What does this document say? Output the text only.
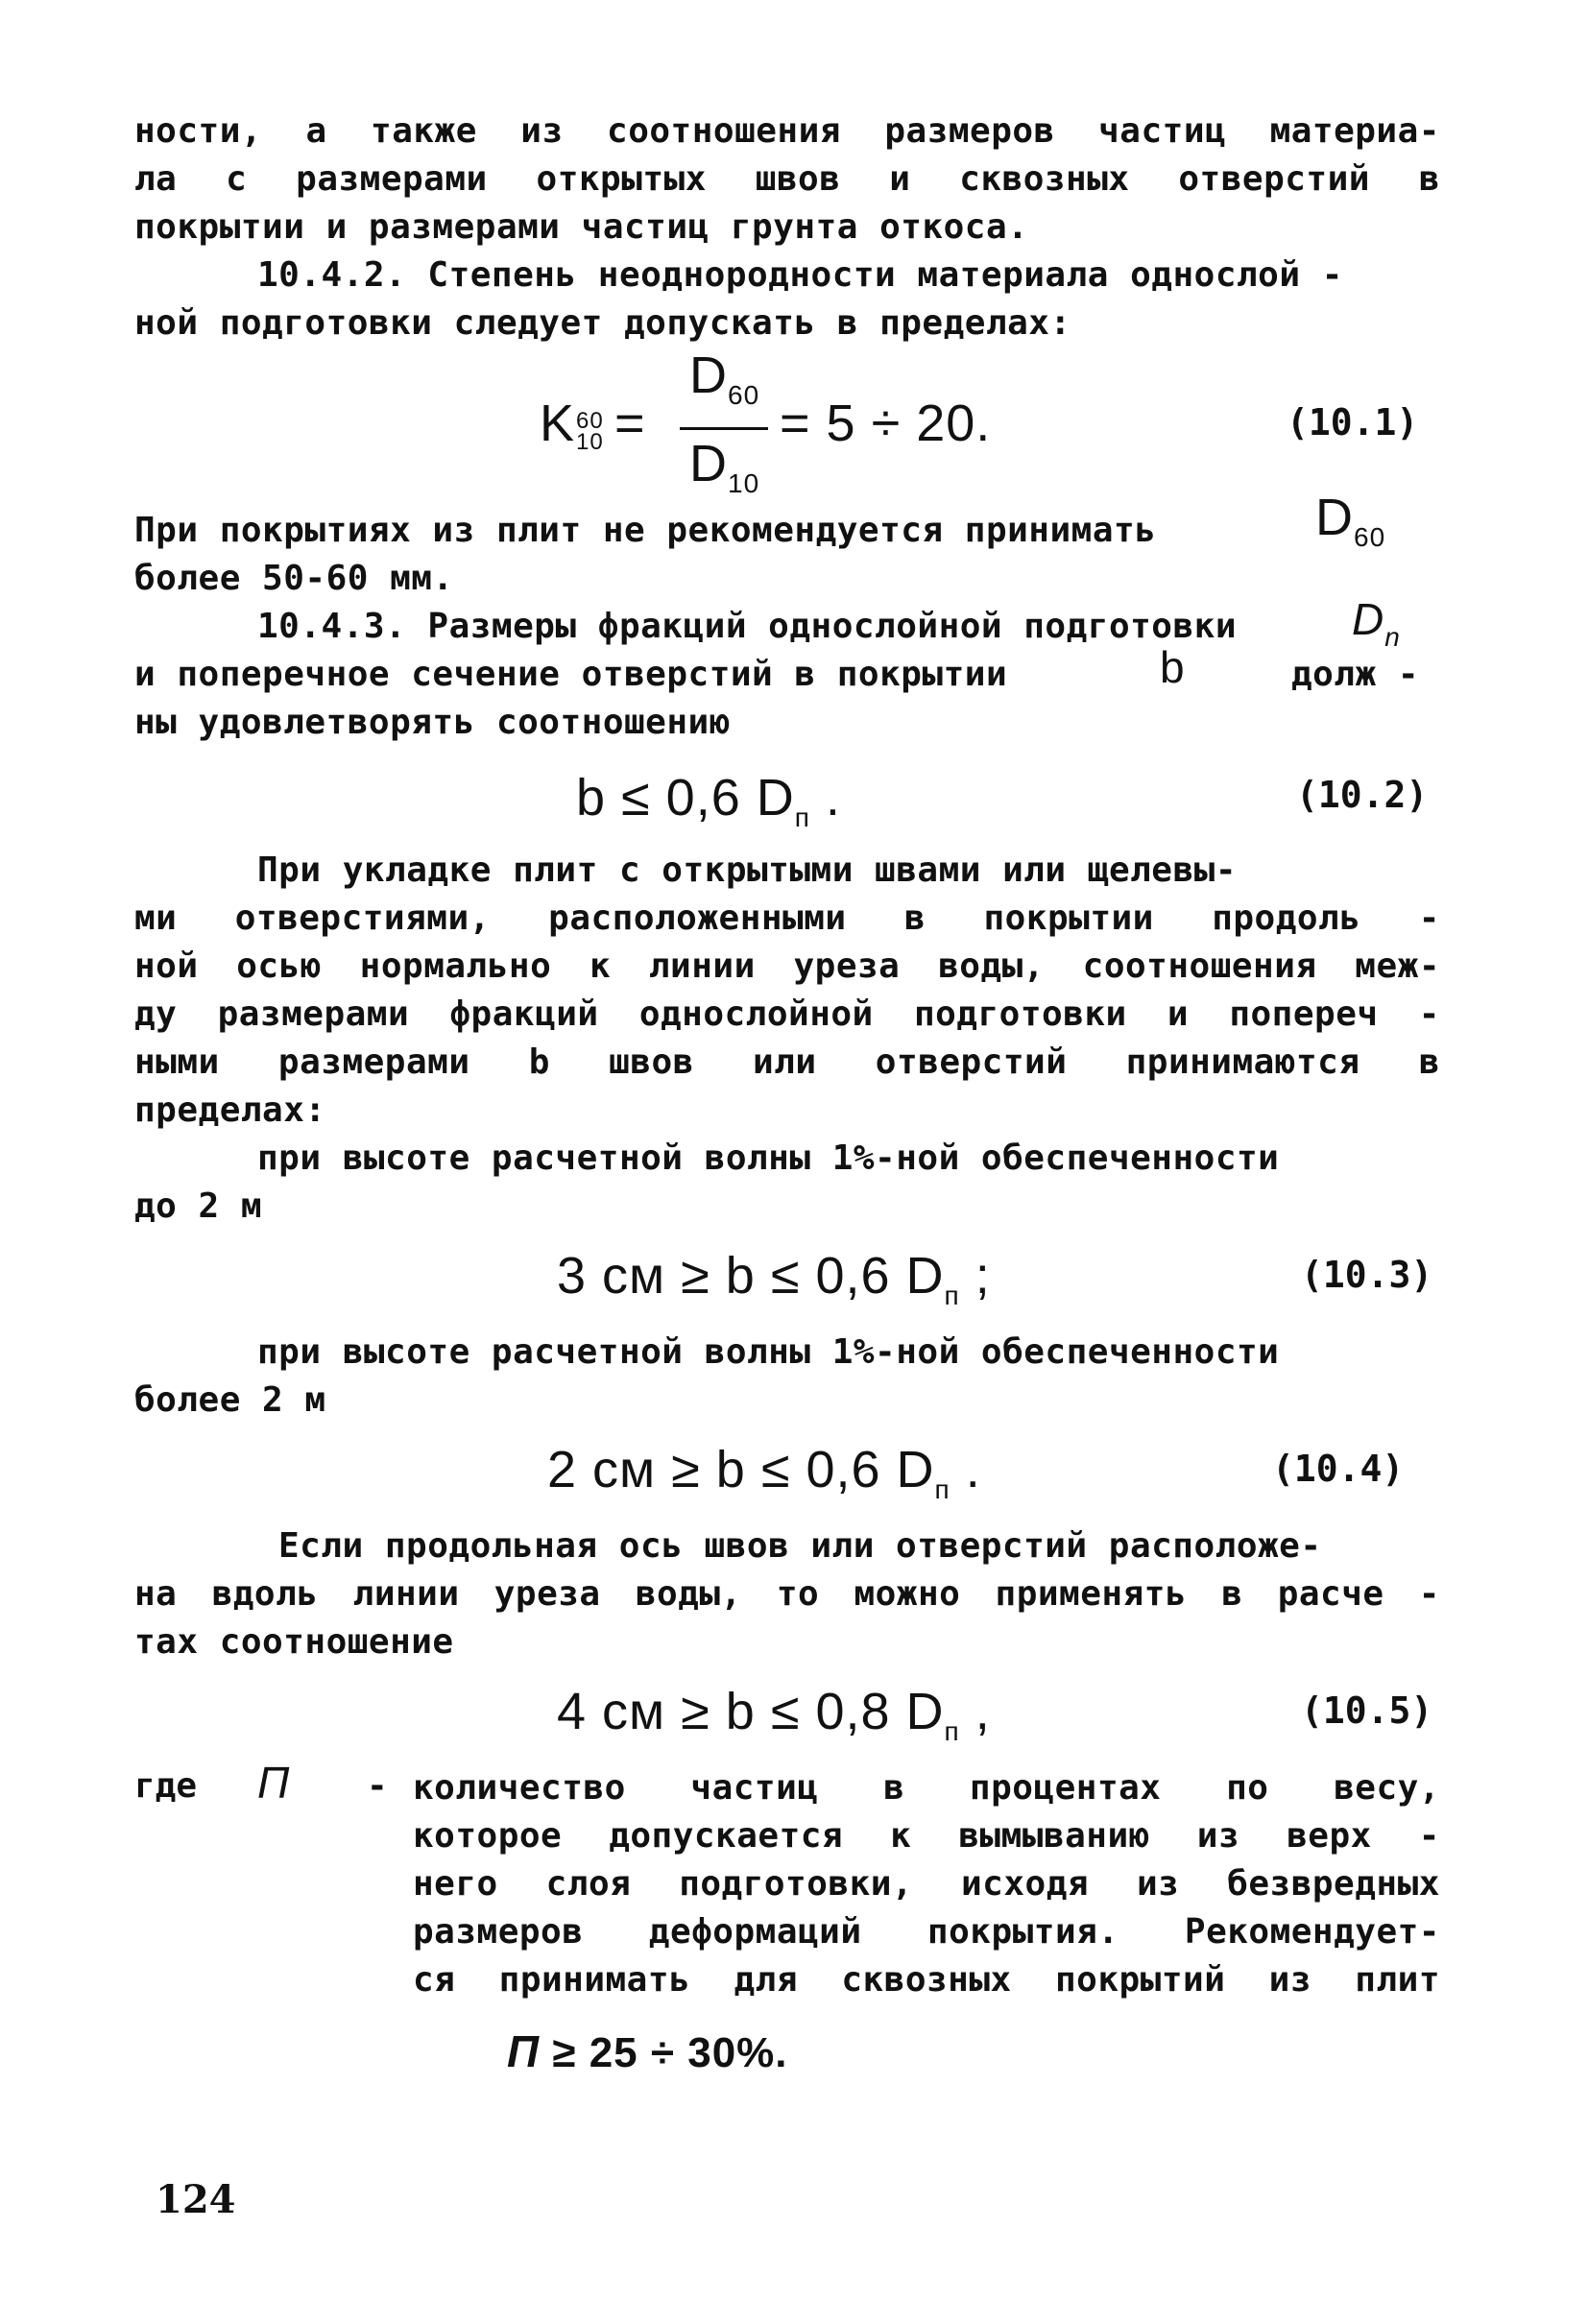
ности, а также из соотношения размеров частиц материа-
ла с размерами открытых швов и сквозных отверстий в
покрытии и размерами частиц грунта откоса.
10.4.2. Степень неоднородности материала однослой -
ной подготовки следует допускать в пределах:
K 60
10 =
$D_{60}$
$D_{10}$
= 5 ÷ 20.	(10.1)
При покрытиях из плит не рекомендуется принимать	$D_{60}$
более 50-60 мм.
10.4.3. Размеры фракций однослойной подготовки	$D_n$
и поперечное сечение отверстий в покрытии	b	долж -
ны удовлетворять соотношению
b ≤ 0,6 $D_п$ .	(10.2)
При укладке плит с открытыми швами или щелевы-
ми отверстиями, расположенными в покрытии продоль -
ной осью нормально к линии уреза воды, соотношения меж-
ду размерами фракций однослойной подготовки и попереч -
ными размерами b швов или отверстий принимаются в
пределах:
при высоте расчетной волны 1%-ной обеспеченности
до 2 м
3 см ≥ b ≤ 0,6 $D_п$ ;	(10.3)
при высоте расчетной волны 1%-ной обеспеченности
более 2 м
2 см ≥ b ≤ 0,6 $D_п$ .	(10.4)
Если продольная ось швов или отверстий расположе-
на вдоль линии уреза воды, то можно применять в расче -
тах соотношение
4 см ≥ b ≤ 0,8 $D_п$ ,	(10.5)
где П - количество частиц в процентах по весу,
которое допускается к вымыванию из верх -
него слоя подготовки, исходя из безвредных
размеров деформаций покрытия. Рекомендует-
ся принимать для сквозных покрытий из плит
П ≥ 25 ÷ 30%.
124
